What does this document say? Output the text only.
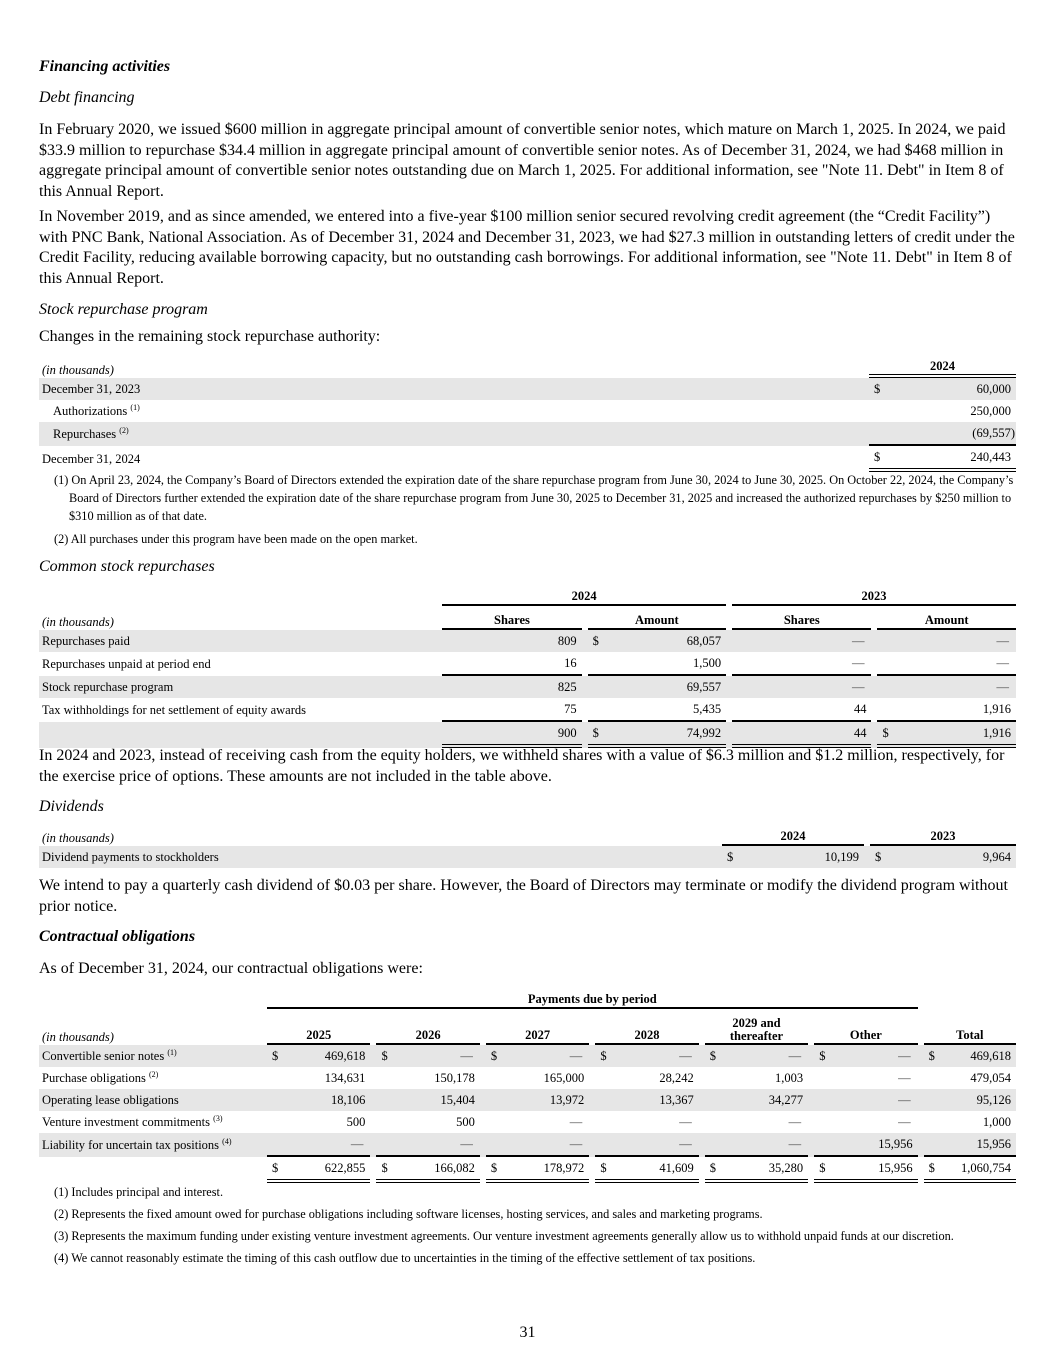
Financing activities
Debt financing
In February 2020, we issued $600 million in aggregate principal amount of convertible senior notes, which mature on March 1, 2025. In 2024, we paid $33.9 million to repurchase $34.4 million in aggregate principal amount of convertible senior notes. As of December 31, 2024, we had $468 million in aggregate principal amount of convertible senior notes outstanding due on March 1, 2025. For additional information, see "Note 11. Debt" in Item 8 of this Annual Report.
In November 2019, and as since amended, we entered into a five-year $100 million senior secured revolving credit agreement (the “Credit Facility”) with PNC Bank, National Association. As of December 31, 2024 and December 31, 2023, we had $27.3 million in outstanding letters of credit under the Credit Facility, reducing available borrowing capacity, but no outstanding cash borrowings. For additional information, see "Note 11. Debt" in Item 8 of this Annual Report.
Stock repurchase program
Changes in the remaining stock repurchase authority:
(in thousands)	2024	
December 31, 2023	$	60,000
Authorizations $^{(1)}$		250,000
Repurchases $^{(2)}$		(69,557)
December 31, 2024	$	240,443
(1) On April 23, 2024, the Company’s Board of Directors extended the expiration date of the share repurchase program from June 30, 2024 to June 30, 2025. On October 22, 2024, the Company’s Board of Directors further extended the expiration date of the share repurchase program from June 30, 2025 to December 31, 2025 and increased the authorized repurchases by $250 million to $310 million as of that date.
(2) All purchases under this program have been made on the open market.
Common stock repurchases
	2024					2023			
(in thousands)	Shares		Amount			Shares		Amount	
Repurchases paid	809		$	68,057		—			—
Repurchases unpaid at period end	16			1,500		—			—
Stock repurchase program	825			69,557		—			—
Tax withholdings for net settlement of equity awards	75			5,435		44			1,916
	900		$	74,992		44		$	1,916
In 2024 and 2023, instead of receiving cash from the equity holders, we withheld shares with a value of $6.3 million and $1.2 million, respectively, for the exercise price of options. These amounts are not included in the table above.
Dividends
(in thousands)	2024			2023	
Dividend payments to stockholders	$	10,199		$	9,964
We intend to pay a quarterly cash dividend of $0.03 per share. However, the Board of Directors may terminate or modify the dividend program without prior notice.
Contractual obligations
As of December 31, 2024, our contractual obligations were:
	Payments due by period																			
(in thousands)	2025			2026			2027			2028			2029 and thereafter			Other			Total	
Convertible senior notes $^{(1)}$	$	469,618		$	—		$	—		$	—		$	—		$	—		$	469,618
Purchase obligations $^{(2)}$		134,631			150,178			165,000			28,242			1,003			—			479,054
Operating lease obligations		18,106			15,404			13,972			13,367			34,277			—			95,126
Venture investment commitments $^{(3)}$		500			500			—			—			—			—			1,000
Liability for uncertain tax positions $^{(4)}$		—			—			—			—			—			15,956			15,956
	$	622,855		$	166,082		$	178,972		$	41,609		$	35,280		$	15,956		$	1,060,754
(1) Includes principal and interest.
(2) Represents the fixed amount owed for purchase obligations including software licenses, hosting services, and sales and marketing programs.
(3) Represents the maximum funding under existing venture investment agreements. Our venture investment agreements generally allow us to withhold unpaid funds at our discretion.
(4) We cannot reasonably estimate the timing of this cash outflow due to uncertainties in the timing of the effective settlement of tax positions.
31
